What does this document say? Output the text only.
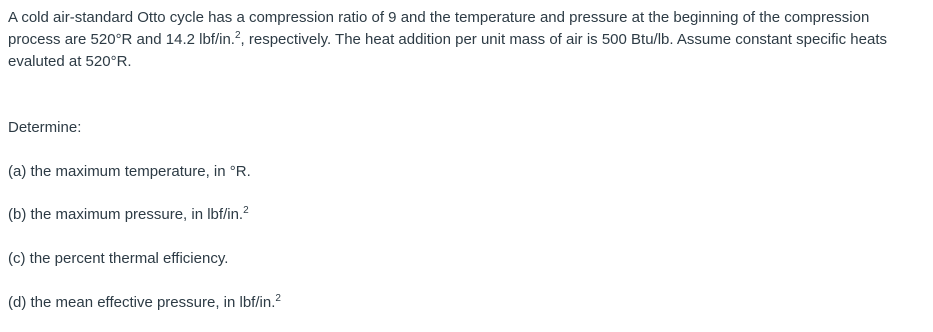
A cold air-standard Otto cycle has a compression ratio of 9 and the temperature and pressure at the beginning of the compression
process are 520°R and 14.2 lbf/in.$^2$, respectively. The heat addition per unit mass of air is 500 Btu/lb. Assume constant specific heats
evaluted at 520°R.

Determine:

(a) the maximum temperature, in °R.

(b) the maximum pressure, in lbf/in.$^2$

(c) the percent thermal efficiency.

(d) the mean effective pressure, in lbf/in.$^2$
